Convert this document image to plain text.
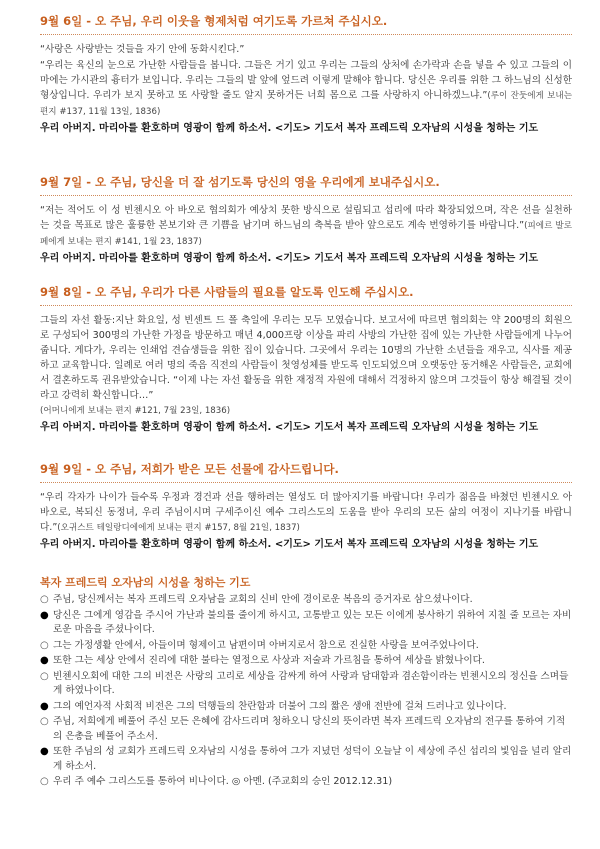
9월 6일 - 오 주님, 우리 이웃을 형제처럼 여기도록 가르쳐 주십시오.

“사랑은 사랑받는 것들을 자기 안에 동화시킨다.”

“우리는 육신의 눈으로 가난한 사람들을 봅니다. 그들은 거기 있고 우리는 그들의 상처에 손가락과 손을 넣을 수 있고 그들의 이마에는 가시관의 흉터가 보입니다. 우리는 그들의 발 앞에 엎드려 이렇게 말해야 합니다. 당신은 우리를 위한 그 하느님의 신성한 형상입니다. 우리가 보지 못하고 또 사랑할 줄도 알지 못하거든 너희 몸으로 그를 사랑하지 아니하겠느냐.”(루이 잔둣에게 보내는 편지 #137, 11월 13일, 1836)

우리 아버지. 마리아를 환호하며 영광이 함께 하소서. <기도> 기도서 복자 프레드릭 오자남의 시성을 청하는 기도
9월 7일 - 오 주님, 당신을 더 잘 섬기도록 당신의 영을 우리에게 보내주십시오.

“저는 적어도 이 성 빈첸시오 아 바오로 협의회가 예상치 못한 방식으로 설립되고 섭리에 따라 확장되었으며, 작은 선을 실천하는 것을 목표로 많은 훌륭한 본보기와 큰 기쁨을 남기며 하느님의 축복을 받아 앞으로도 계속 번영하기를 바랍니다.”(피에르 발로페에게 보내는 편지 #141, 1월 23, 1837)

우리 아버지. 마리아를 환호하며 영광이 함께 하소서. <기도> 기도서 복자 프레드릭 오자남의 시성을 청하는 기도
9월 8일 - 오 주님, 우리가 다른 사람들의 필요를 알도록 인도해 주십시오.

그들의 자선 활동:지난 화요일, 성 빈센트 드 폴 축일에 우리는 모두 모였습니다. 보고서에 따르면 협의회는 약 200명의 회원으로 구성되어 300명의 가난한 가정을 방문하고 매년 4,000프랑 이상을 파리 사방의 가난한 집에 있는 가난한 사람들에게 나누어 줍니다. 게다가, 우리는 인쇄업 견습생들을 위한 집이 있습니다. 그곳에서 우리는 10명의 가난한 소년들을 재우고, 식사를 제공하고 교육합니다. 일례로 여러 명의 죽음 직전의 사람들이 첫영성체를 받도록 인도되었으며 오랫동안 동거해온 사람들은, 교회에서 결혼하도록 권유받았습니다. “이제 나는 자선 활동을 위한 재정적 자원에 대해서 걱정하지 않으며 그것들이 항상 해결될 것이라고 강력히 확신합니다…”
(어머니에게 보내는 편지 #121, 7월 23일, 1836)

우리 아버지. 마리아를 환호하며 영광이 함께 하소서. <기도> 기도서 복자 프레드릭 오자남의 시성을 청하는 기도
9월 9일 - 오 주님, 저희가 받은 모든 선물에 감사드립니다.

“우리 각자가 나이가 들수록 우정과 경건과 선을 행하려는 열성도 더 많아지기를 바랍니다! 우리가 젊음을 바쳤던 빈첸시오 아 바오로, 복되신 동정녀, 우리 주님이시며 구세주이신 예수 그리스도의 도움을 받아 우리의 모든 삶의 여정이 지나기를 바랍니다.”(오귀스트 테일랑디에에게 보내는 편지 #157, 8월 21일, 1837)

우리 아버지. 마리아를 환호하며 영광이 함께 하소서. <기도> 기도서 복자 프레드릭 오자남의 시성을 청하는 기도
복자 프레드릭 오자남의 시성을 청하는 기도
○ 주님, 당신께서는 복자 프레드릭 오자남을 교회의 신비 안에 경이로운 복음의 증거자로 삼으셨나이다.
● 당신은 그에게 영감을 주시어 가난과 불의를 줄이게 하시고, 고통받고 있는 모든 이에게 봉사하기 위하여 지칠 줄 모르는 자비로운 마음을 주셨나이다.
○ 그는 가정생활 안에서, 아들이며 형제이고 남편이며 아버지로서 참으로 진실한 사랑을 보여주었나이다.
● 또한 그는 세상 안에서 진리에 대한 불타는 열정으로 사상과 저술과 가르침을 통하여 세상을 밝혔나이다.
○ 빈첸시오회에 대한 그의 비전은 사랑의 고리로 세상을 감싸게 하여 사랑과 담대함과 겸손함이라는 빈첸시오의 정신을 스며들게 하였나이다.
● 그의 예언자적 사회적 비전은 그의 덕행들의 찬란함과 더불어 그의 짧은 생애 전반에 걸쳐 드러나고 있나이다.
○ 주님, 저희에게 베풀어 주신 모든 은혜에 감사드리며 청하오니 당신의 뜻이라면 복자 프레드릭 오자남의 전구를 통하여 기적의 은총을 베풀어 주소서.
● 또한 주님의 성 교회가 프레드릭 오자남의 시성을 통하여 그가 지녔던 성덕이 오늘날 이 세상에 주신 섭리의 빛임을 널리 알리게 하소서.
○ 우리 주 예수 그리스도를 통하여 비나이다. ◎ 아멘. (주교회의 승인 2012.12.31)
